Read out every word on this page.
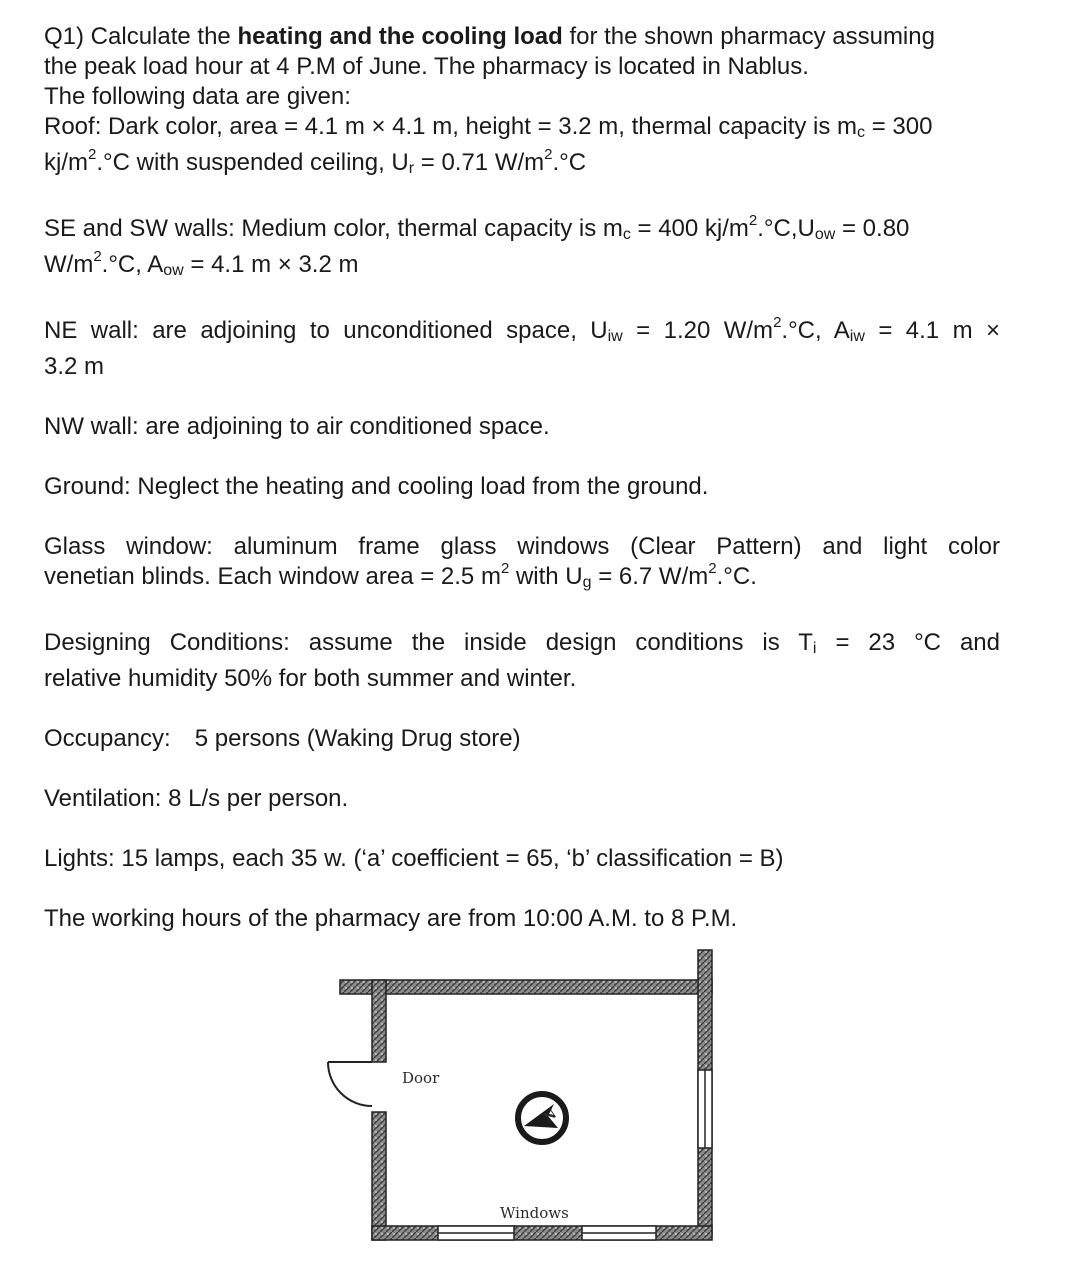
Q1) Calculate the heating and the cooling load for the shown pharmacy assuming
the peak load hour at 4 P.M of June. The pharmacy is located in Nablus.
The following data are given:
Roof: Dark color, area = 4.1 m × 4.1 m, height = 3.2 m, thermal capacity is mc = 300
$kj/m^2.^\circ C$ with suspended ceiling, Ur = 0.71 $W/m^2.^\circ C$
SE and SW walls: Medium color, thermal capacity is mc = 400 $kj/m^2.^\circ C,Uow = 0.80$
$W/m^2.^\circ C$, Aow = 4.1 m × 3.2 m
NE wall: are adjoining to unconditioned space, Uiw = 1.20 $W/m^2.^\circ C$, Aiw = 4.1 m ×
3.2 m
NW wall: are adjoining to air conditioned space.
Ground: Neglect the heating and cooling load from the ground.
Glass window: aluminum frame glass windows (Clear Pattern) and light color
venetian blinds. Each window area = 2.5 $m^2$ with Ug = 6.7 $W/m^2.^\circ C$.
Designing Conditions: assume the inside design conditions is Ti = 23 °C and
relative humidity 50% for both summer and winter.
Occupancy: 5 persons (Waking Drug store)
Ventilation: 8 L/s per person.
Lights: 15 lamps, each 35 w. (‘a’ coefficient = 65, ‘b’ classification = B)
The working hours of the pharmacy are from 10:00 A.M. to 8 P.M.
Door
N
Windows
